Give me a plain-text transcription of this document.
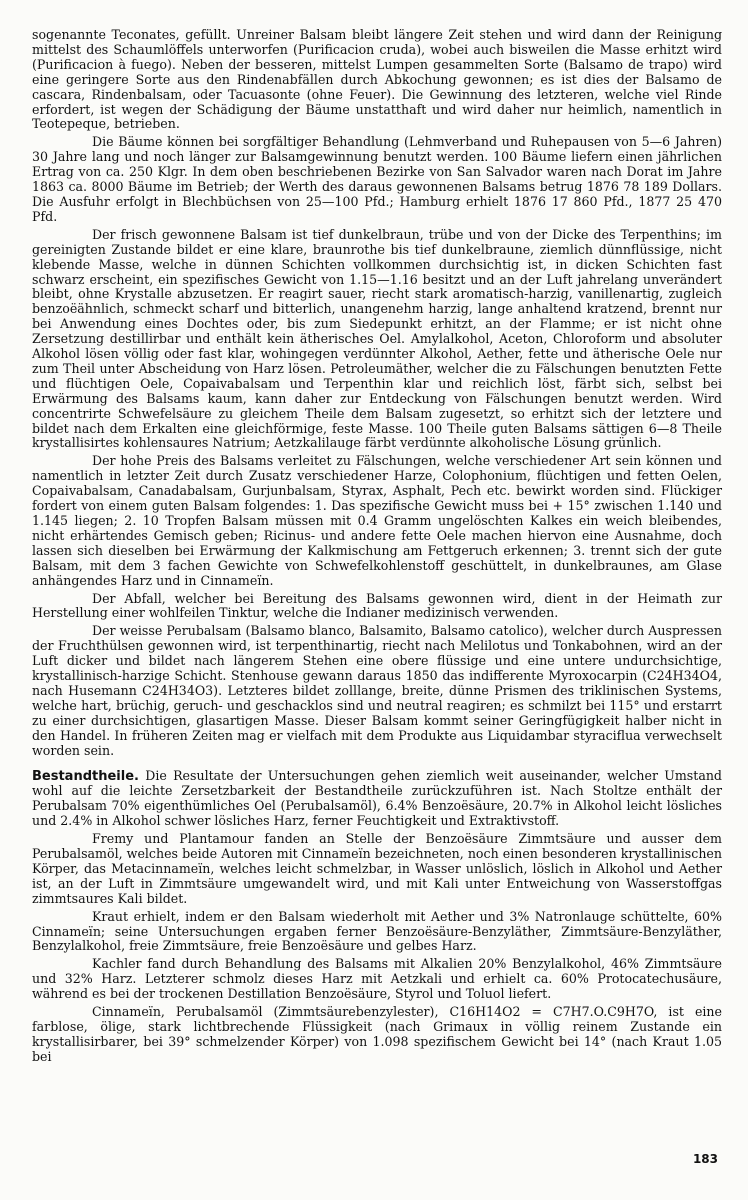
sogenannte Teconates, gefüllt. Unreiner Balsam bleibt längere Zeit stehen und wird dann der Reinigung mittelst des Schaumlöffels unterworfen (Purificacion cruda), wobei auch bisweilen die Masse erhitzt wird (Purificacion à fuego). Neben der besseren, mittelst Lumpen gesammelten Sorte (Balsamo de trapo) wird eine geringere Sorte aus den Rindenabfällen durch Abkochung gewonnen; es ist dies der Balsamo de cascara, Rindenbalsam, oder Tacuasonte (ohne Feuer). Die Gewinnung des letzteren, welche viel Rinde erfordert, ist wegen der Schädigung der Bäume unstatthaft und wird daher nur heimlich, namentlich in Teotepeque, betrieben.

Die Bäume können bei sorgfältiger Behandlung (Lehmverband und Ruhepausen von 5—6 Jahren) 30 Jahre lang und noch länger zur Balsamgewinnung benutzt werden. 100 Bäume liefern einen jährlichen Ertrag von ca. 250 Klgr. In dem oben beschriebenen Bezirke von San Salvador waren nach Dorat im Jahre 1863 ca. 8000 Bäume im Betrieb; der Werth des daraus gewonnenen Balsams betrug 1876 78 189 Dollars. Die Ausfuhr erfolgt in Blechbüchsen von 25—100 Pfd.; Hamburg erhielt 1876 17 860 Pfd., 1877 25 470 Pfd.

Der frisch gewonnene Balsam ist tief dunkelbraun, trübe und von der Dicke des Terpenthins; im gereinigten Zustande bildet er eine klare, braunrothe bis tief dunkelbraune, ziemlich dünnflüssige, nicht klebende Masse, welche in dünnen Schichten vollkommen durchsichtig ist, in dicken Schichten fast schwarz erscheint, ein spezifisches Gewicht von 1.15—1.16 besitzt und an der Luft jahrelang unverändert bleibt, ohne Krystalle abzusetzen. Er reagirt sauer, riecht stark aromatisch-harzig, vanillenartig, zugleich benzoëähnlich, schmeckt scharf und bitterlich, unangenehm harzig, lange anhaltend kratzend, brennt nur bei Anwendung eines Dochtes oder, bis zum Siedepunkt erhitzt, an der Flamme; er ist nicht ohne Zersetzung destillirbar und enthält kein ätherisches Oel. Amylalkohol, Aceton, Chloroform und absoluter Alkohol lösen völlig oder fast klar, wohingegen verdünnter Alkohol, Aether, fette und ätherische Oele nur zum Theil unter Abscheidung von Harz lösen. Petroleumäther, welcher die zu Fälschungen benutzten Fette und flüchtigen Oele, Copaivabalsam und Terpenthin klar und reichlich löst, färbt sich, selbst bei Erwärmung des Balsams kaum, kann daher zur Entdeckung von Fälschungen benutzt werden. Wird concentrirte Schwefelsäure zu gleichem Theile dem Balsam zugesetzt, so erhitzt sich der letztere und bildet nach dem Erkalten eine gleichförmige, feste Masse. 100 Theile guten Balsams sättigen 6—8 Theile krystallisirtes kohlensaures Natrium; Aetzkalilauge färbt verdünnte alkoholische Lösung grünlich.

Der hohe Preis des Balsams verleitet zu Fälschungen, welche verschiedener Art sein können und namentlich in letzter Zeit durch Zusatz verschiedener Harze, Colophonium, flüchtigen und fetten Oelen, Copaivabalsam, Canadabalsam, Gurjunbalsam, Styrax, Asphalt, Pech etc. bewirkt worden sind. Flückiger fordert von einem guten Balsam folgendes: 1. Das spezifische Gewicht muss bei + 15° zwischen 1.140 und 1.145 liegen; 2. 10 Tropfen Balsam müssen mit 0.4 Gramm ungelöschten Kalkes ein weich bleibendes, nicht erhärtendes Gemisch geben; Ricinus- und andere fette Oele machen hiervon eine Ausnahme, doch lassen sich dieselben bei Erwärmung der Kalkmischung am Fettgeruch erkennen; 3. trennt sich der gute Balsam, mit dem 3 fachen Gewichte von Schwefelkohlenstoff geschüttelt, in dunkelbraunes, am Glase anhängendes Harz und in Cinnameïn.

Der Abfall, welcher bei Bereitung des Balsams gewonnen wird, dient in der Heimath zur Herstellung einer wohlfeilen Tinktur, welche die Indianer medizinisch verwenden.

Der weisse Perubalsam (Balsamo blanco, Balsamito, Balsamo catolico), welcher durch Auspressen der Fruchthülsen gewonnen wird, ist terpenthinartig, riecht nach Melilotus und Tonkabohnen, wird an der Luft dicker und bildet nach längerem Stehen eine obere flüssige und eine untere undurchsichtige, krystallinisch-harzige Schicht. Stenhouse gewann daraus 1850 das indifferente Myroxocarpin (C24H34O4, nach Husemann C24H34O3). Letzteres bildet zolllange, breite, dünne Prismen des triklinischen Systems, welche hart, brüchig, geruch- und geschacklos sind und neutral reagiren; es schmilzt bei 115° und erstarrt zu einer durchsichtigen, glasartigen Masse. Dieser Balsam kommt seiner Geringfügigkeit halber nicht in den Handel. In früheren Zeiten mag er vielfach mit dem Produkte aus Liquidambar styraciflua verwechselt worden sein.

Bestandtheile. Die Resultate der Untersuchungen gehen ziemlich weit auseinander, welcher Umstand wohl auf die leichte Zersetzbarkeit der Bestandtheile zurückzuführen ist. Nach Stoltze enthält der Perubalsam 70% eigenthümliches Oel (Perubalsamöl), 6.4% Benzoësäure, 20.7% in Alkohol leicht lösliches und 2.4% in Alkohol schwer lösliches Harz, ferner Feuchtigkeit und Extraktivstoff.

Fremy und Plantamour fanden an Stelle der Benzoësäure Zimmtsäure und ausser dem Perubalsamöl, welches beide Autoren mit Cinnameïn bezeichneten, noch einen besonderen krystallinischen Körper, das Metacinnameïn, welches leicht schmelzbar, in Wasser unlöslich, löslich in Alkohol und Aether ist, an der Luft in Zimmtsäure umgewandelt wird, und mit Kali unter Entweichung von Wasserstoffgas zimmtsaures Kali bildet.

Kraut erhielt, indem er den Balsam wiederholt mit Aether und 3% Natronlauge schüttelte, 60% Cinnameïn; seine Untersuchungen ergaben ferner Benzoësäure-Benzyläther, Zimmtsäure-Benzyläther, Benzylalkohol, freie Zimmtsäure, freie Benzoësäure und gelbes Harz.

Kachler fand durch Behandlung des Balsams mit Alkalien 20% Benzylalkohol, 46% Zimmtsäure und 32% Harz. Letzterer schmolz dieses Harz mit Aetzkali und erhielt ca. 60% Protocatechusäure, während es bei der trockenen Destillation Benzoësäure, Styrol und Toluol liefert.

Cinnameïn, Perubalsamöl (Zimmtsäurebenzylester), C16H14O2 = C7H7.O.C9H7O, ist eine farblose, ölige, stark lichtbrechende Flüssigkeit (nach Grimaux in völlig reinem Zustande ein krystallisirbarer, bei 39° schmelzender Körper) von 1.098 spezifischem Gewicht bei 14° (nach Kraut 1.05 bei

183
